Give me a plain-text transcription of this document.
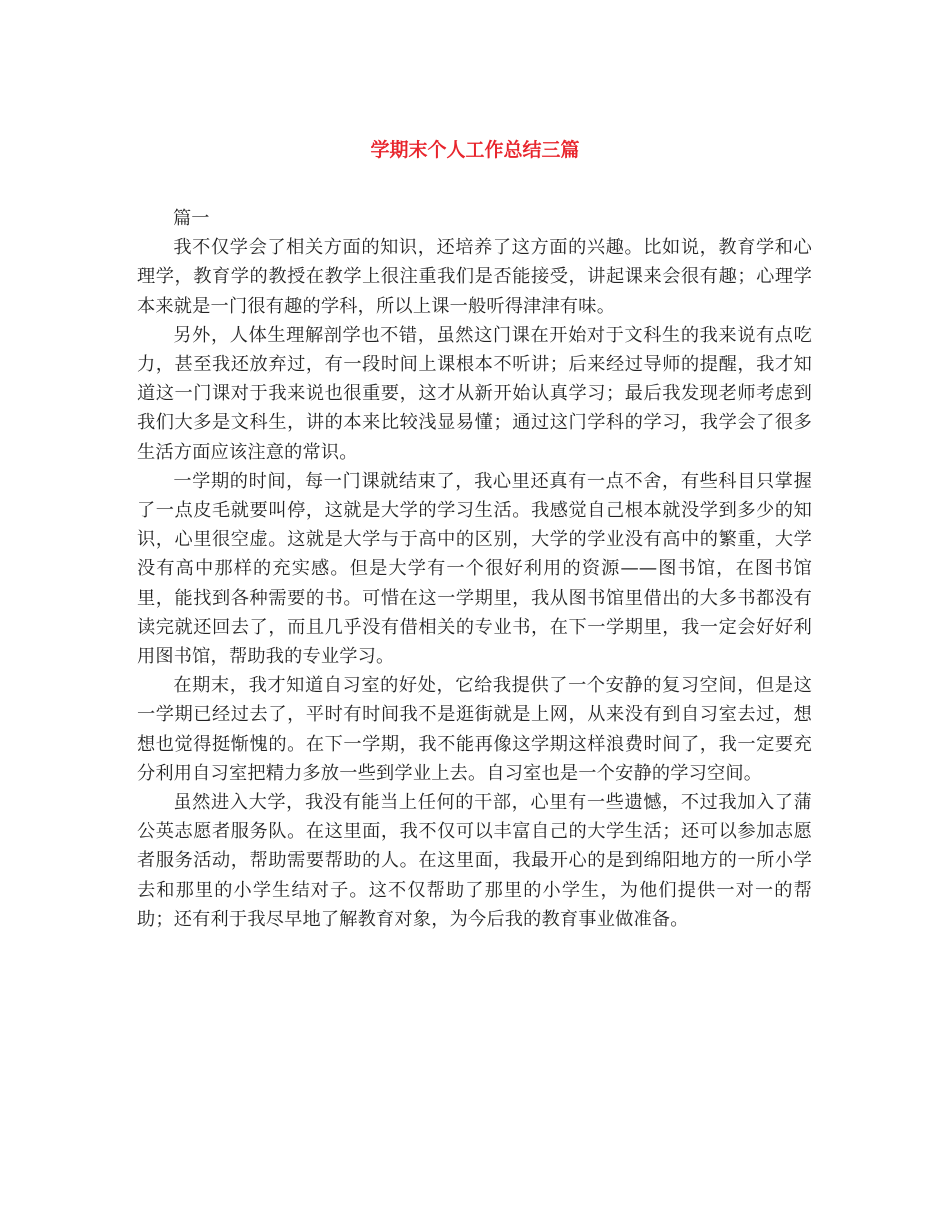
学期末个人工作总结三篇

篇一

我不仅学会了相关方面的知识，还培养了这方面的兴趣。比如说，教育学和心理学，教育学的教授在教学上很注重我们是否能接受，讲起课来会很有趣；心理学本来就是一门很有趣的学科，所以上课一般听得津津有味。

另外，人体生理解剖学也不错，虽然这门课在开始对于文科生的我来说有点吃力，甚至我还放弃过，有一段时间上课根本不听讲；后来经过导师的提醒，我才知道这一门课对于我来说也很重要，这才从新开始认真学习；最后我发现老师考虑到我们大多是文科生，讲的本来比较浅显易懂；通过这门学科的学习，我学会了很多生活方面应该注意的常识。

一学期的时间，每一门课就结束了，我心里还真有一点不舍，有些科目只掌握了一点皮毛就要叫停，这就是大学的学习生活。我感觉自己根本就没学到多少的知识，心里很空虚。这就是大学与于高中的区别，大学的学业没有高中的繁重，大学没有高中那样的充实感。但是大学有一个很好利用的资源——图书馆，在图书馆里，能找到各种需要的书。可惜在这一学期里，我从图书馆里借出的大多书都没有读完就还回去了，而且几乎没有借相关的专业书，在下一学期里，我一定会好好利用图书馆，帮助我的专业学习。

在期末，我才知道自习室的好处，它给我提供了一个安静的复习空间，但是这一学期已经过去了，平时有时间我不是逛街就是上网，从来没有到自习室去过，想想也觉得挺惭愧的。在下一学期，我不能再像这学期这样浪费时间了，我一定要充分利用自习室把精力多放一些到学业上去。自习室也是一个安静的学习空间。

虽然进入大学，我没有能当上任何的干部，心里有一些遗憾，不过我加入了蒲公英志愿者服务队。在这里面，我不仅可以丰富自己的大学生活；还可以参加志愿者服务活动，帮助需要帮助的人。在这里面，我最开心的是到绵阳地方的一所小学去和那里的小学生结对子。这不仅帮助了那里的小学生，为他们提供一对一的帮助；还有利于我尽早地了解教育对象，为今后我的教育事业做准备。
